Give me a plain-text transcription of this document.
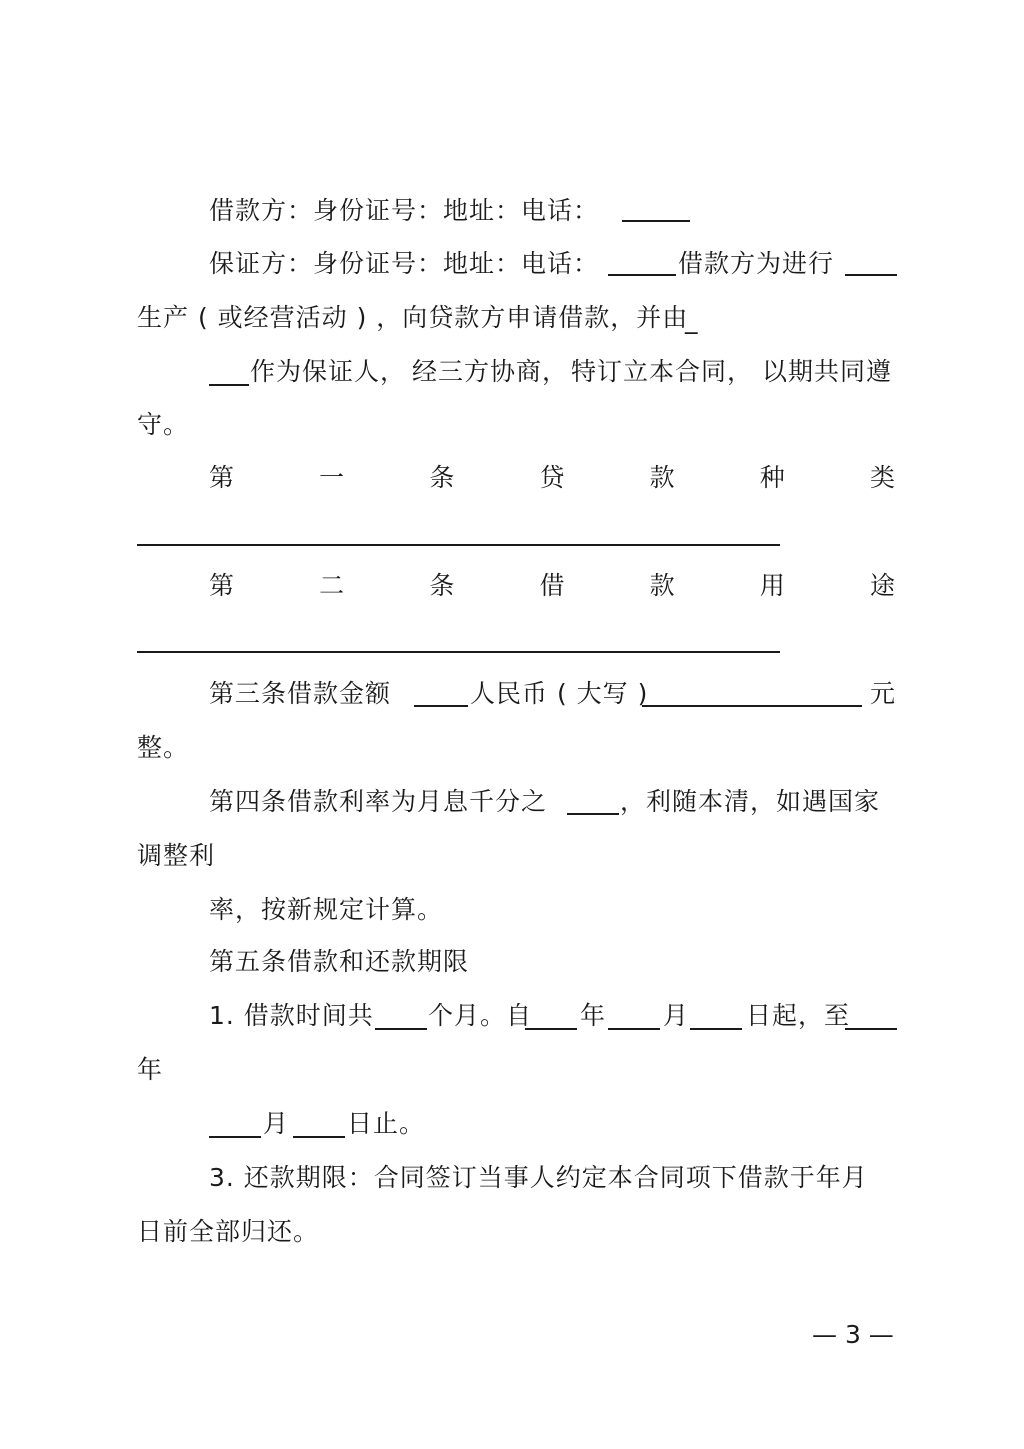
借款方：身份证号：地址：电话：
保证方：身份证号：地址：电话：	借款方为进行
生产 ( 或经营活动 ) ，向贷款方申请借款，并由
_
作为保证人， 经三方协商， 特订立本合同， 以期共同遵
守。
第	一	条	贷	款	种	类
第	二	条	借	款	用	途
第三条借款金额	人民币 ( 大写 )	元
整。
第四条借款利率为月息千分之	，利随本清，如遇国家
调整利
率，按新规定计算。
第五条借款和还款期限
1. 借款时间共 个月。自 年 月 日起，至
年
月 日止。
3. 还款期限：合同签订当事人约定本合同项下借款于年月
日前全部归还。
— 3 —
